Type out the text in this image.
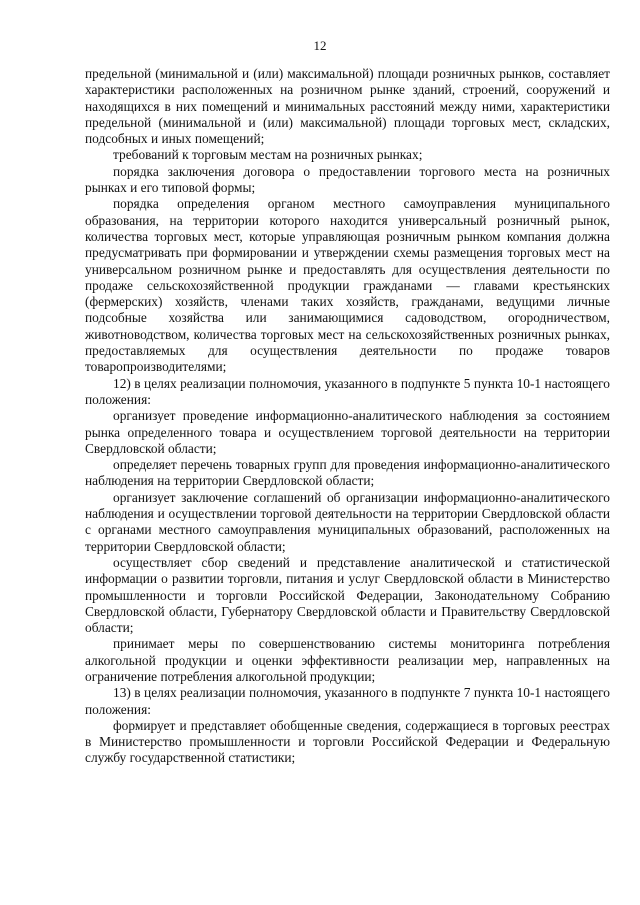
12

предельной (минимальной и (или) максимальной) площади розничных рынков, составляет характеристики расположенных на розничном рынке зданий, строений, сооружений и находящихся в них помещений и минимальных расстояний между ними, характеристики предельной (минимальной и (или) максимальной) площади торговых мест, складских, подсобных и иных помещений;

требований к торговым местам на розничных рынках;

порядка заключения договора о предоставлении торгового места на розничных рынках и его типовой формы;

порядка определения органом местного самоуправления муниципального образования, на территории которого находится универсальный розничный рынок, количества торговых мест, которые управляющая розничным рынком компания должна предусматривать при формировании и утверждении схемы размещения торговых мест на универсальном розничном рынке и предоставлять для осуществления деятельности по продаже сельскохозяйственной продукции гражданами — главами крестьянских (фермерских) хозяйств, членами таких хозяйств, гражданами, ведущими личные подсобные хозяйства или занимающимися садоводством, огородничеством, животноводством, количества торговых мест на сельскохозяйственных розничных рынках, предоставляемых для осуществления деятельности по продаже товаров товаропроизводителями;

12) в целях реализации полномочия, указанного в подпункте 5 пункта 10-1 настоящего положения:

организует проведение информационно-аналитического наблюдения за состоянием рынка определенного товара и осуществлением торговой деятельности на территории Свердловской области;

определяет перечень товарных групп для проведения информационно-аналитического наблюдения на территории Свердловской области;

организует заключение соглашений об организации информационно-аналитического наблюдения и осуществлении торговой деятельности на территории Свердловской области с органами местного самоуправления муниципальных образований, расположенных на территории Свердловской области;

осуществляет сбор сведений и представление аналитической и статистической информации о развитии торговли, питания и услуг Свердловской области в Министерство промышленности и торговли Российской Федерации, Законодательному Собранию Свердловской области, Губернатору Свердловской области и Правительству Свердловской области;

принимает меры по совершенствованию системы мониторинга потребления алкогольной продукции и оценки эффективности реализации мер, направленных на ограничение потребления алкогольной продукции;

13) в целях реализации полномочия, указанного в подпункте 7 пункта 10-1 настоящего положения:

формирует и представляет обобщенные сведения, содержащиеся в торговых реестрах в Министерство промышленности и торговли Российской Федерации и Федеральную службу государственной статистики;
